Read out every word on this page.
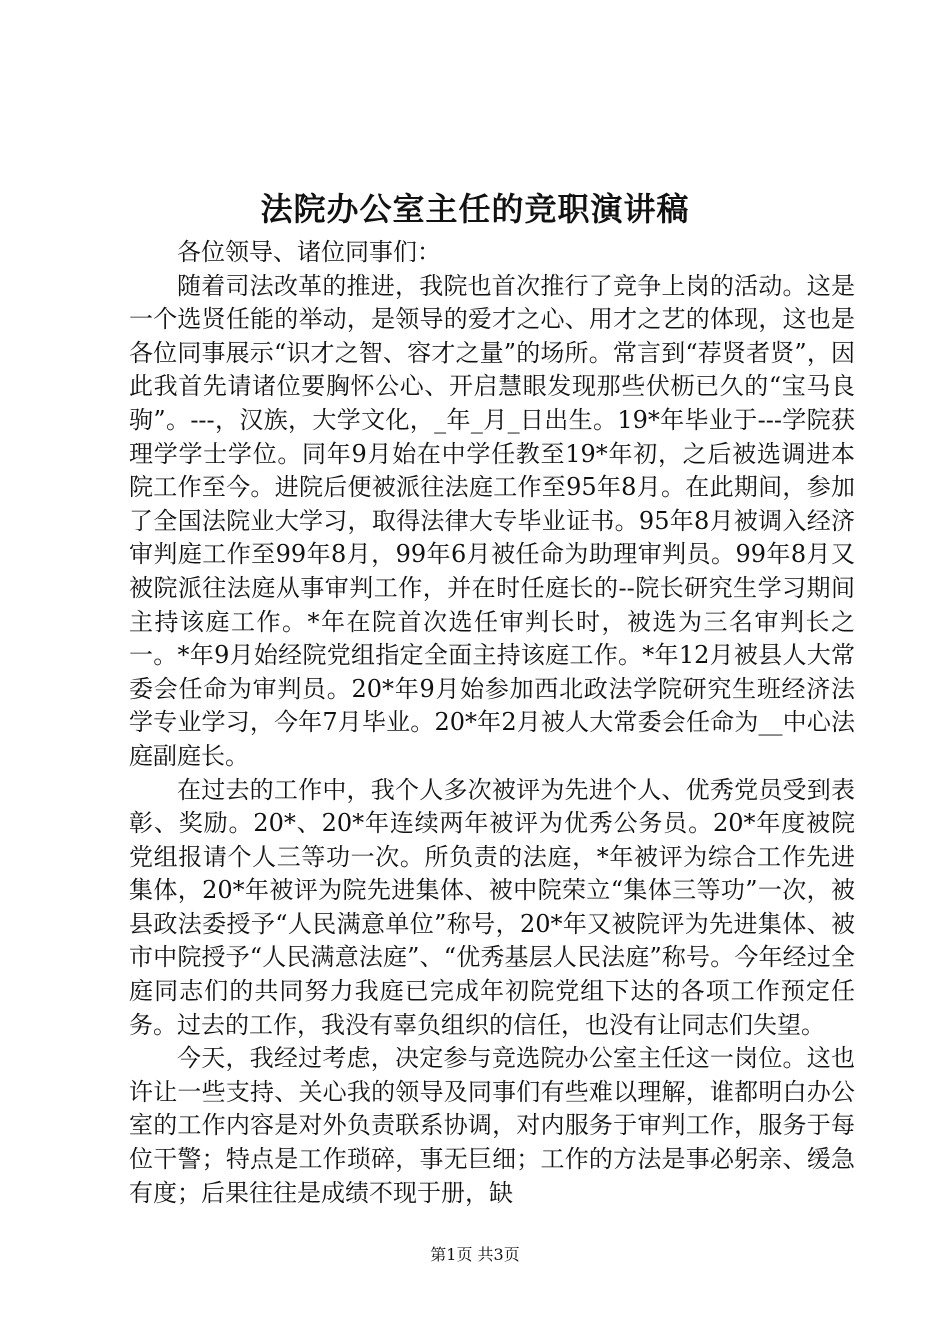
法院办公室主任的竞职演讲稿

各位领导、诸位同事们：

随着司法改革的推进，我院也首次推行了竞争上岗的活动。这是一个选贤任能的举动，是领导的爱才之心、用才之艺的体现，这也是各位同事展示“识才之智、容才之量”的场所。常言到“荐贤者贤”，因此我首先请诸位要胸怀公心、开启慧眼发现那些伏枥已久的“宝马良驹”。---，汉族，大学文化，_年_月_日出生。19*年毕业于---学院获理学学士学位。同年9月始在中学任教至19*年初，之后被选调进本院工作至今。进院后便被派往法庭工作至95年8月。在此期间，参加了全国法院业大学习，取得法律大专毕业证书。95年8月被调入经济审判庭工作至99年8月，99年6月被任命为助理审判员。99年8月又被院派往法庭从事审判工作，并在时任庭长的--院长研究生学习期间主持该庭工作。*年在院首次选任审判长时，被选为三名审判长之一。*年9月始经院党组指定全面主持该庭工作。*年12月被县人大常委会任命为审判员。20*年9月始参加西北政法学院研究生班经济法学专业学习，今年7月毕业。20*年2月被人大常委会任命为__中心法庭副庭长。

在过去的工作中，我个人多次被评为先进个人、优秀党员受到表彰、奖励。20*、20*年连续两年被评为优秀公务员。20*年度被院党组报请个人三等功一次。所负责的法庭，*年被评为综合工作先进集体，20*年被评为院先进集体、被中院荣立“集体三等功”一次，被县政法委授予“人民满意单位”称号，20*年又被院评为先进集体、被市中院授予“人民满意法庭”、“优秀基层人民法庭”称号。今年经过全庭同志们的共同努力我庭已完成年初院党组下达的各项工作预定任务。过去的工作，我没有辜负组织的信任，也没有让同志们失望。

今天，我经过考虑，决定参与竞选院办公室主任这一岗位。这也许让一些支持、关心我的领导及同事们有些难以理解，谁都明白办公室的工作内容是对外负责联系协调，对内服务于审判工作，服务于每位干警；特点是工作琐碎，事无巨细；工作的方法是事必躬亲、缓急有度；后果往往是成绩不现于册，缺

第1页 共3页
